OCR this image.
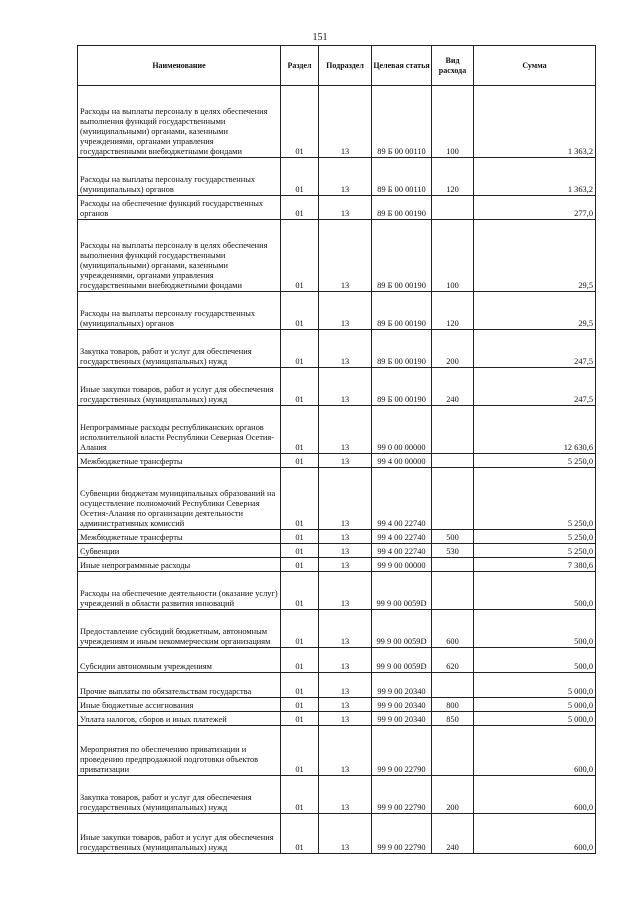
151
Наименование	Раздел	Подраздел	Целевая статья	Вид расхода	Сумма
Расходы на выплаты персоналу в целях обеспечения выполнения функций государственными (муниципальными) органами, казенными учреждениями, органами управления государственными внебюджетными фондами	01	13	89 Б 00 00110	100	1 363,2
Расходы на выплаты персоналу государственных (муниципальных) органов	01	13	89 Б 00 00110	120	1 363,2
Расходы на обеспечение функций государственных органов	01	13	89 Б 00 00190		277,0
Расходы на выплаты персоналу в целях обеспечения выполнения функций государственными (муниципальными) органами, казенными учреждениями, органами управления государственными внебюджетными фондами	01	13	89 Б 00 00190	100	29,5
Расходы на выплаты персоналу государственных (муниципальных) органов	01	13	89 Б 00 00190	120	29,5
Закупка товаров, работ и услуг для обеспечения государственных (муниципальных) нужд	01	13	89 Б 00 00190	200	247,5
Иные закупки товаров, работ и услуг для обеспечения государственных (муниципальных) нужд	01	13	89 Б 00 00190	240	247,5
Непрограммные расходы республиканских органов исполнительной власти Республики Северная Осетия-Алания	01	13	99 0 00 00000		12 630,6
Межбюджетные трансферты	01	13	99 4 00 00000		5 250,0
Субвенции бюджетам муниципальных образований на осуществление полномочий Республики Северная Осетия-Алания по организации деятельности административных комиссий	01	13	99 4 00 22740		5 250,0
Межбюджетные трансферты	01	13	99 4 00 22740	500	5 250,0
Субвенции	01	13	99 4 00 22740	530	5 250,0
Иные непрограммные расходы	01	13	99 9 00 00000		7 380,6
Расходы на обеспечение деятельности (оказание услуг) учреждений в области развития инноваций	01	13	99 9 00 0059D		500,0
Предоставление субсидий бюджетным, автономным учреждениям и иным некоммерческим организациям	01	13	99 9 00 0059D	600	500,0
Субсидии автономным учреждениям	01	13	99 9 00 0059D	620	500,0
Прочие выплаты по обязательствам государства	01	13	99 9 00 20340		5 000,0
Иные бюджетные ассигнования	01	13	99 9 00 20340	800	5 000,0
Уплата налогов, сборов и иных платежей	01	13	99 9 00 20340	850	5 000,0
Мероприятия по обеспечению приватизации и проведению предпродажной подготовки объектов приватизации	01	13	99 9 00 22790		600,0
Закупка товаров, работ и услуг для обеспечения государственных (муниципальных) нужд	01	13	99 9 00 22790	200	600,0
Иные закупки товаров, работ и услуг для обеспечения государственных (муниципальных) нужд	01	13	99 9 00 22790	240	600,0
